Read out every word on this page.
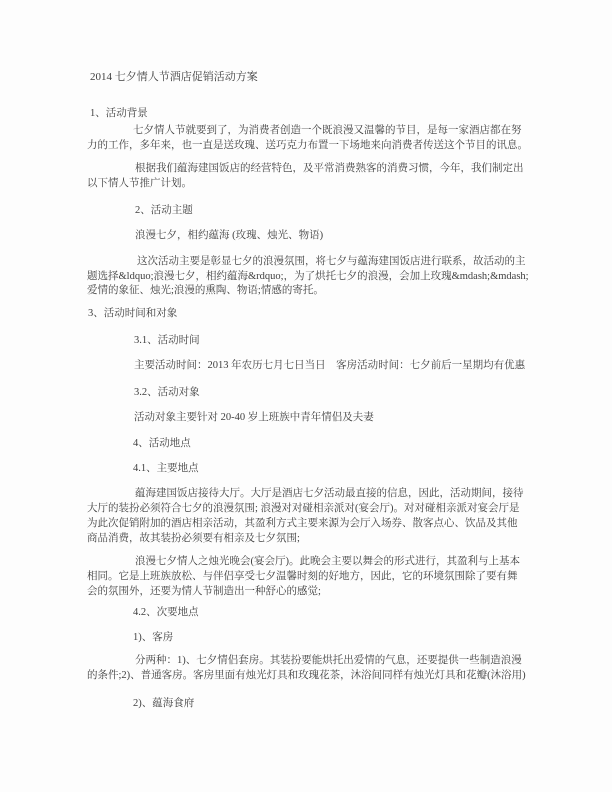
2014 七夕情人节酒店促销活动方案
1、活动背景
七夕情人节就要到了，为消费者创造一个既浪漫又温馨的节目，是每一家酒店都在努
力的工作，多年来，也一直是送玫瑰、送巧克力布置一下场地来向消费者传送这个节目的讯息。
根据我们蕴海建国饭店的经营特色，及平常消费熟客的消费习惯，今年，我们制定出
以下情人节推广计划。
2、活动主题
浪漫七夕，相约蕴海 (玫瑰、烛光、物语)
这次活动主要是彰显七夕的浪漫氛围，将七夕与蕴海建国饭店进行联系，故活动的主
题选择&ldquo;浪漫七夕，相约蕴海&rdquo;，为了烘托七夕的浪漫，会加上玫瑰&mdash;&mdash;
爱情的象征、烛光;浪漫的熏陶、物语;情感的寄托。
3、活动时间和对象
3.1、活动时间
主要活动时间：2013 年农历七月七日当日　客房活动时间：七夕前后一星期均有优惠
3.2、活动对象
活动对象主要针对 20-40 岁上班族中青年情侣及夫妻
4、活动地点
4.1、主要地点
蕴海建国饭店接待大厅。大厅是酒店七夕活动最直接的信息，因此，活动期间，接待
大厅的装扮必须符合七夕的浪漫氛围; 浪漫对对碰相亲派对(宴会厅)。对对碰相亲派对宴会厅是
为此次促销附加的酒店相亲活动，其盈利方式主要来源为会厅入场券、散客点心、饮品及其他
商品消费，故其装扮必须要有相亲及七夕氛围;
浪漫七夕情人之烛光晚会(宴会厅)。此晚会主要以舞会的形式进行，其盈利与上基本
相同。它是上班族放松、与伴侣享受七夕温馨时刻的好地方，因此，它的环境氛围除了要有舞
会的氛围外，还要为情人节制造出一种舒心的感觉;
4.2、次要地点
1)、客房
分两种：1)、七夕情侣套房。其装扮要能烘托出爱情的气息，还要提供一些制造浪漫
的条件;2)、普通客房。客房里面有烛光灯具和玫瑰花茶，沐浴间同样有烛光灯具和花瓣(沐浴用)
2)、蕴海食府
